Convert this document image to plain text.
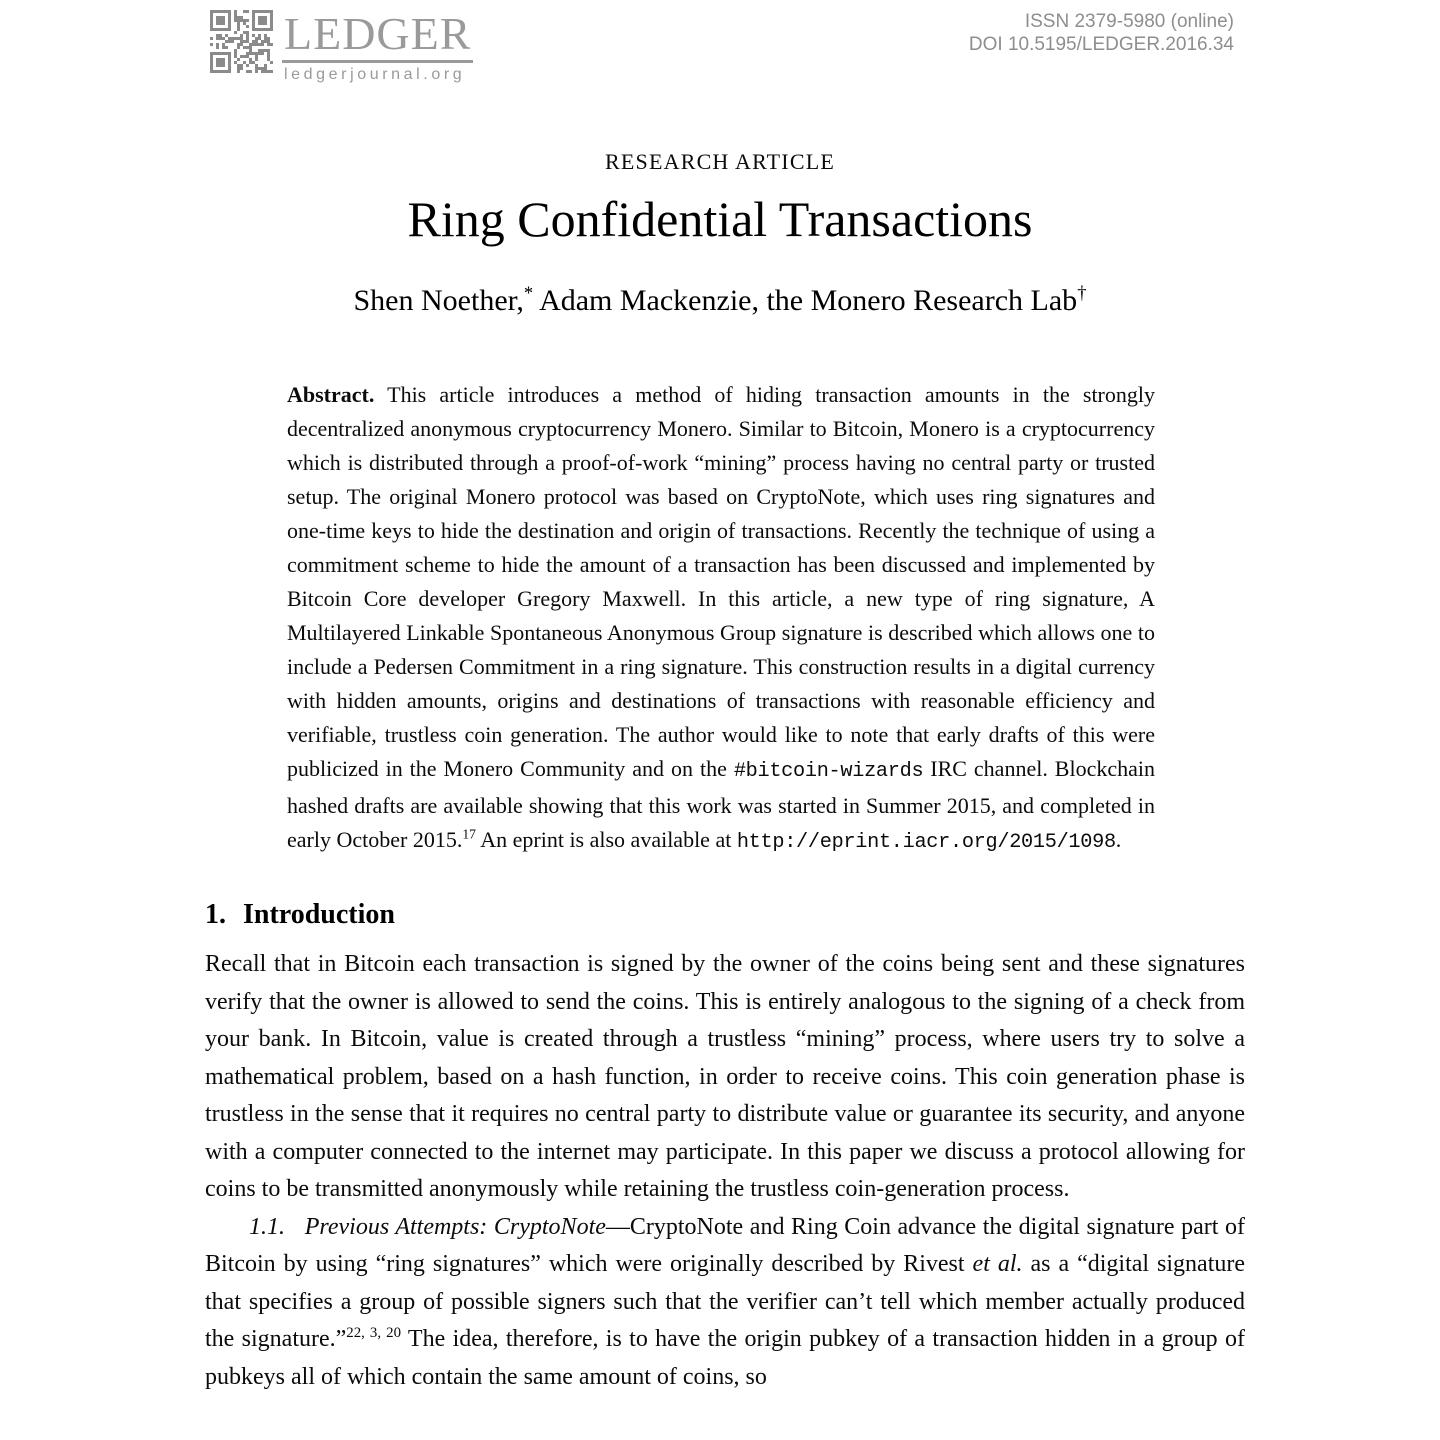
LEDGER
ledgerjournal.org
ISSN 2379-5980 (online)
DOI 10.5195/LEDGER.2016.34
RESEARCH ARTICLE
Ring Confidential Transactions
Shen Noether,* Adam Mackenzie, the Monero Research Lab†

Abstract. This article introduces a method of hiding transaction amounts in the strongly decentralized anonymous cryptocurrency Monero. Similar to Bitcoin, Monero is a cryptocurrency which is distributed through a proof-of-work “mining” process having no central party or trusted setup. The original Monero protocol was based on CryptoNote, which uses ring signatures and one-time keys to hide the destination and origin of transactions. Recently the technique of using a commitment scheme to hide the amount of a transaction has been discussed and implemented by Bitcoin Core developer Gregory Maxwell. In this article, a new type of ring signature, A Multilayered Linkable Spontaneous Anonymous Group signature is described which allows one to include a Pedersen Commitment in a ring signature. This construction results in a digital currency with hidden amounts, origins and destinations of transactions with reasonable efficiency and verifiable, trustless coin generation. The author would like to note that early drafts of this were publicized in the Monero Community and on the #bitcoin-wizards IRC channel. Blockchain hashed drafts are available showing that this work was started in Summer 2015, and completed in early October 2015.17 An eprint is also available at http://eprint.iacr.org/2015/1098.

1. Introduction

Recall that in Bitcoin each transaction is signed by the owner of the coins being sent and these signatures verify that the owner is allowed to send the coins. This is entirely analogous to the signing of a check from your bank. In Bitcoin, value is created through a trustless “mining” process, where users try to solve a mathematical problem, based on a hash function, in order to receive coins. This coin generation phase is trustless in the sense that it requires no central party to distribute value or guarantee its security, and anyone with a computer connected to the internet may participate. In this paper we discuss a protocol allowing for coins to be transmitted anonymously while retaining the trustless coin-generation process.

1.1.   Previous Attempts: CryptoNote—CryptoNote and Ring Coin advance the digital signature part of Bitcoin by using “ring signatures” which were originally described by Rivest et al. as a “digital signature that specifies a group of possible signers such that the verifier can’t tell which member actually produced the signature.”$^{22, 3, 20}$ The idea, therefore, is to have the origin pubkey of a transaction hidden in a group of pubkeys all of which contain the same amount of coins, so
